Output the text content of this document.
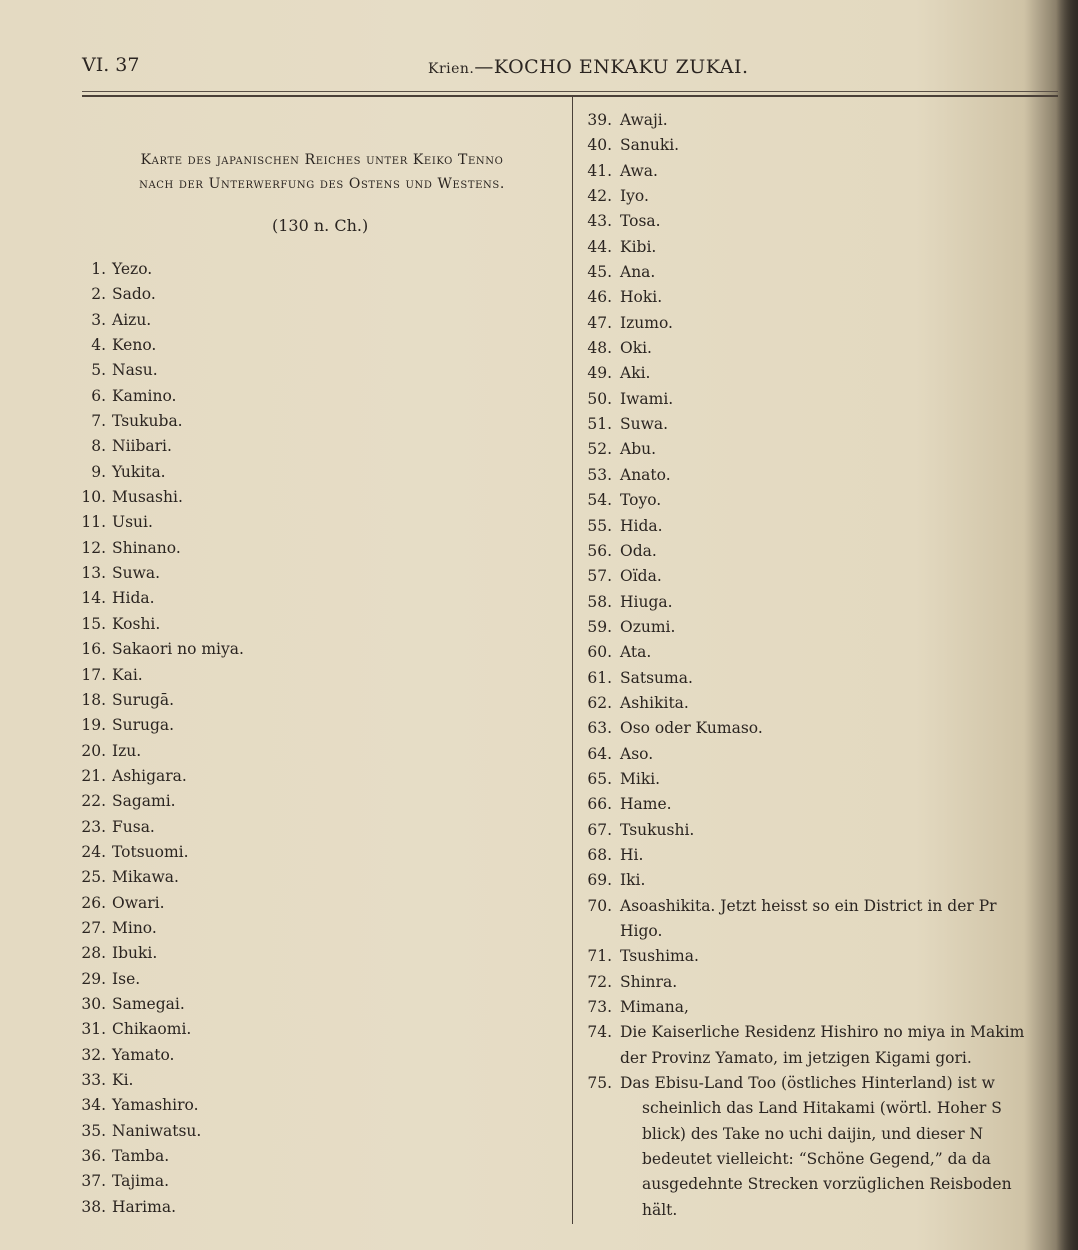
VI. 37	Krien.—KOCHO ENKAKU ZUKAI.
Karte des japanischen Reiches unter Keiko Tenno
nach der Unterwerfung des Ostens und Westens.
(130 n. Ch.)
1. Yezo.
2. Sado.
3. Aizu.
4. Keno.
5. Nasu.
6. Kamino.
7. Tsukuba.
8. Niibari.
9. Yukita.
10. Musashi.
11. Usui.
12. Shinano.
13. Suwa.
14. Hida.
15. Koshi.
16. Sakaori no miya.
17. Kai.
18. Surugā.
19. Suruga.
20. Izu.
21. Ashigara.
22. Sagami.
23. Fusa.
24. Totsuomi.
25. Mikawa.
26. Owari.
27. Mino.
28. Ibuki.
29. Ise.
30. Samegai.
31. Chikaomi.
32. Yamato.
33. Ki.
34. Yamashiro.
35. Naniwatsu.
36. Tamba.
37. Tajima.
38. Harima.
39. Awaji.
40. Sanuki.
41. Awa.
42. Iyo.
43. Tosa.
44. Kibi.
45. Ana.
46. Hoki.
47. Izumo.
48. Oki.
49. Aki.
50. Iwami.
51. Suwa.
52. Abu.
53. Anato.
54. Toyo.
55. Hida.
56. Oda.
57. Oïda.
58. Hiuga.
59. Ozumi.
60. Ata.
61. Satsuma.
62. Ashikita.
63. Oso oder Kumaso.
64. Aso.
65. Miki.
66. Hame.
67. Tsukushi.
68. Hi.
69. Iki.
70. Asoashikita. Jetzt heisst so ein District in der Pr
Higo.
71. Tsushima.
72. Shinra.
73. Mimana,
74. Die Kaiserliche Residenz Hishiro no miya in Makim
der Provinz Yamato, im jetzigen Kigami gori.
75. Das Ebisu-Land Too (östliches Hinterland) ist w
scheinlich das Land Hitakami (wörtl. Hoher S
blick) des Take no uchi daijin, und dieser N
bedeutet vielleicht: “Schöne Gegend,” da da
ausgedehnte Strecken vorzüglichen Reisboden
hält.
